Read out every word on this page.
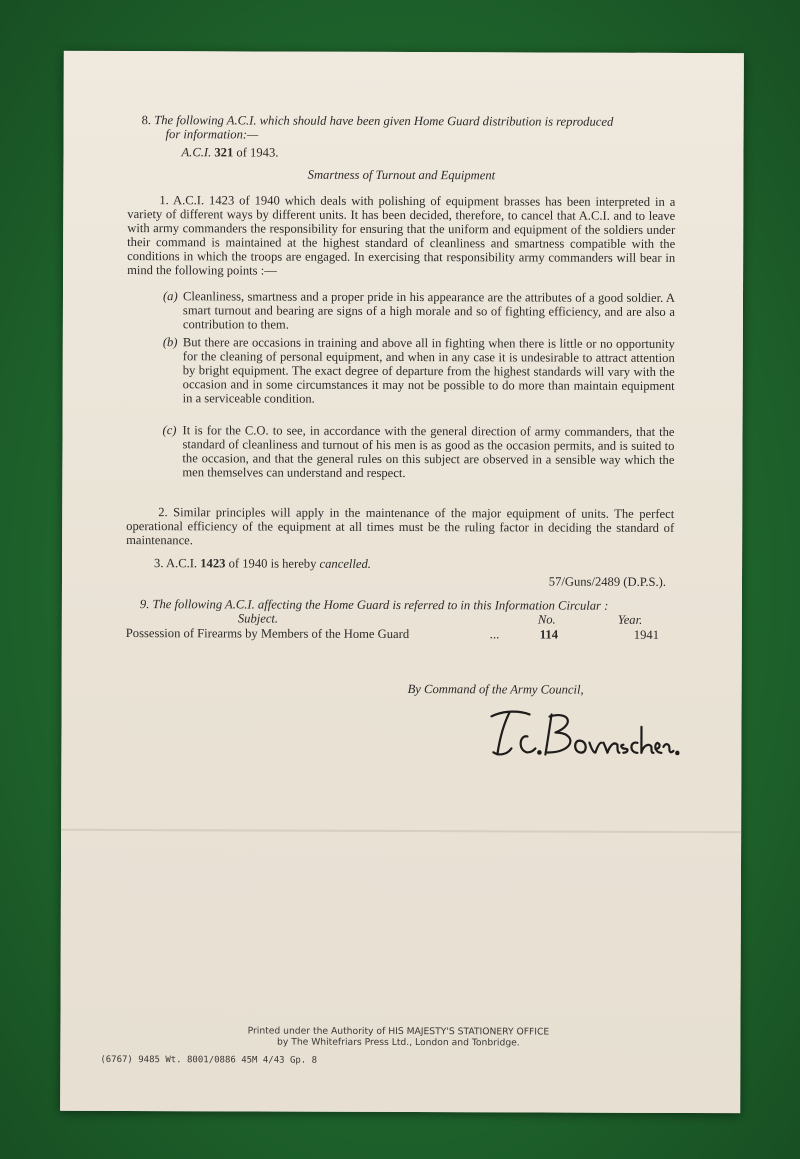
8. The following A.C.I. which should have been given Home Guard distribution is reproduced
for information:—

A.C.I. 321 of 1943.

Smartness of Turnout and Equipment

1. A.C.I. 1423 of 1940 which deals with polishing of equipment brasses has been interpreted in a variety of different ways by different units. It has been decided, therefore, to cancel that A.C.I. and to leave with army commanders the responsibility for ensuring that the uniform and equipment of the soldiers under their command is maintained at the highest standard of cleanliness and smartness compatible with the conditions in which the troops are engaged. In exercising that responsibility army commanders will bear in mind the following points :—

(a) Cleanliness, smartness and a proper pride in his appearance are the attributes of a good soldier. A smart turnout and bearing are signs of a high morale and so of fighting efficiency, and are also a contribution to them.

(b) But there are occasions in training and above all in fighting when there is little or no opportunity for the cleaning of personal equipment, and when in any case it is undesirable to attract attention by bright equipment. The exact degree of departure from the highest standards will vary with the occasion and in some circumstances it may not be possible to do more than maintain equipment in a serviceable condition.

(c) It is for the C.O. to see, in accordance with the general direction of army commanders, that the standard of cleanliness and turnout of his men is as good as the occasion permits, and is suited to the occasion, and that the general rules on this subject are observed in a sensible way which the men themselves can understand and respect.

2. Similar principles will apply in the maintenance of the major equipment of units. The perfect operational efficiency of the equipment at all times must be the ruling factor in deciding the standard of maintenance.

3. A.C.I. 1423 of 1940 is hereby cancelled.

57/Guns/2489 (D.P.S.).

9. The following A.C.I. affecting the Home Guard is referred to in this Information Circular :

Subject.	No.	Year.
Possession of Firearms by Members of the Home Guard	...	114	1941

By Command of the Army Council,

Printed under the Authority of HIS MAJESTY'S STATIONERY OFFICE
by The Whitefriars Press Ltd., London and Tonbridge.
(6767) 9485 Wt. 8001/0886 45M 4/43 Gp. 8
